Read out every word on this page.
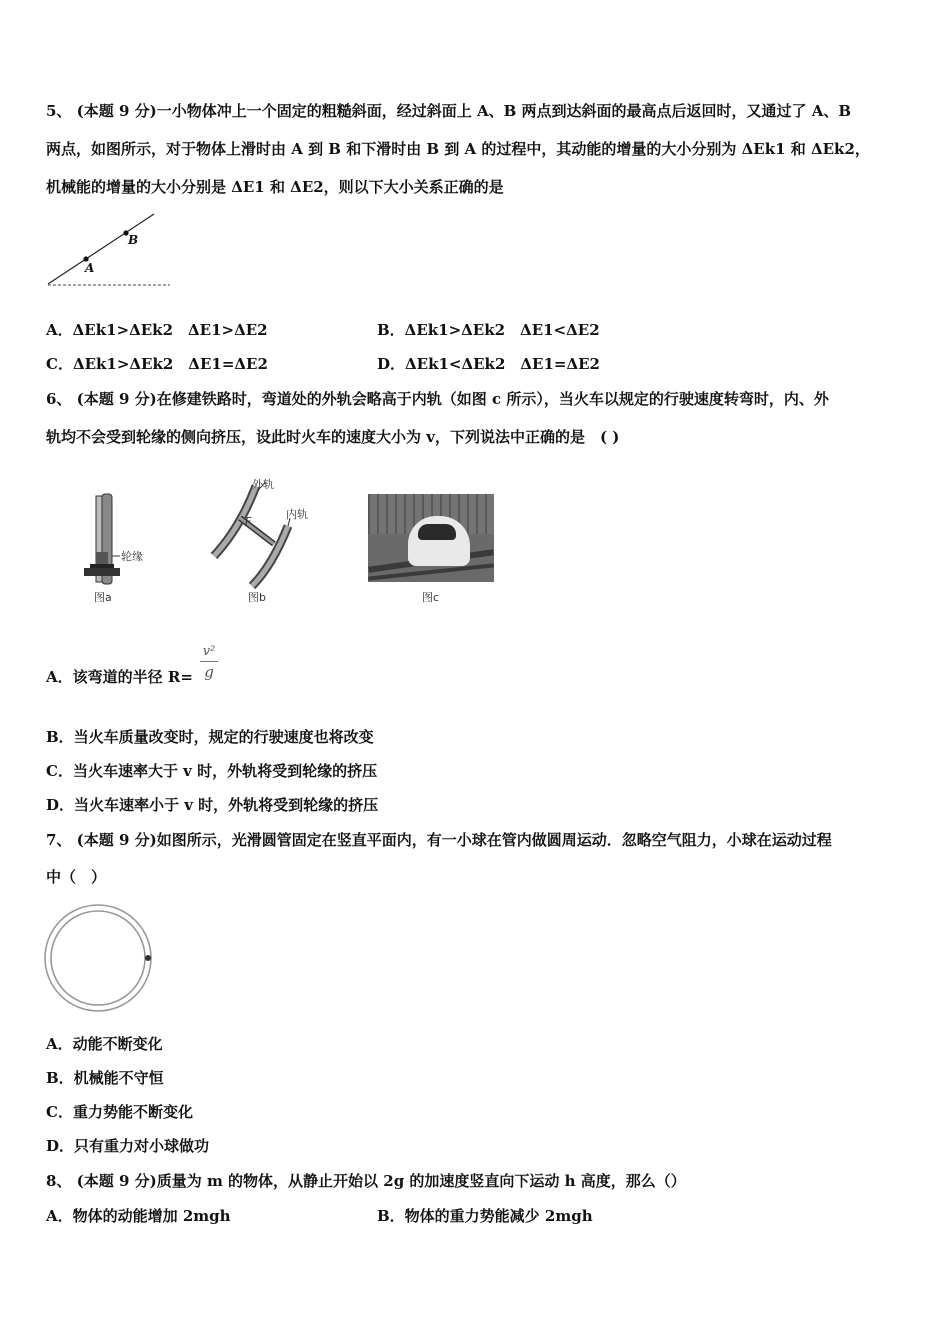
5、 (本题 9 分)一小物体冲上一个固定的粗糙斜面，经过斜面上 A、B 两点到达斜面的最高点后返回时，又通过了 A、B
两点，如图所示，对于物体上滑时由 A 到 B 和下滑时由 B 到 A 的过程中，其动能的增量的大小分别为 ΔEk1 和 ΔEk2，
机械能的增量的大小分别是 ΔE1 和 ΔE2，则以下大小关系正确的是
A
B
A．ΔEk1>ΔEk2　ΔE1>ΔE2	B．ΔEk1>ΔEk2　ΔE1<ΔE2
C．ΔEk1>ΔEk2　ΔE1=ΔE2	D．ΔEk1<ΔEk2　ΔE1=ΔE2
6、 (本题 9 分)在修建铁路时，弯道处的外轨会略高于内轨（如图 c 所示），当火车以规定的行驶速度转弯时，内、外
轨均不会受到轮缘的侧向挤压，设此时火车的速度大小为 v，下列说法中正确的是　( )
轮缘
图a
外轨
内轨
F
图b	图c
A．该弯道的半径 R=
v²
g
B．当火车质量改变时，规定的行驶速度也将改变
C．当火车速率大于 v 时，外轨将受到轮缘的挤压
D．当火车速率小于 v 时，外轨将受到轮缘的挤压
7、 (本题 9 分)如图所示，光滑圆管固定在竖直平面内，有一小球在管内做圆周运动．忽略空气阻力，小球在运动过程
中（　）
A．动能不断变化
B．机械能不守恒
C．重力势能不断变化
D．只有重力对小球做功
8、 (本题 9 分)质量为 m 的物体，从静止开始以 2g 的加速度竖直向下运动 h 高度，那么（）
A．物体的动能增加 2mgh	B．物体的重力势能减少 2mgh
